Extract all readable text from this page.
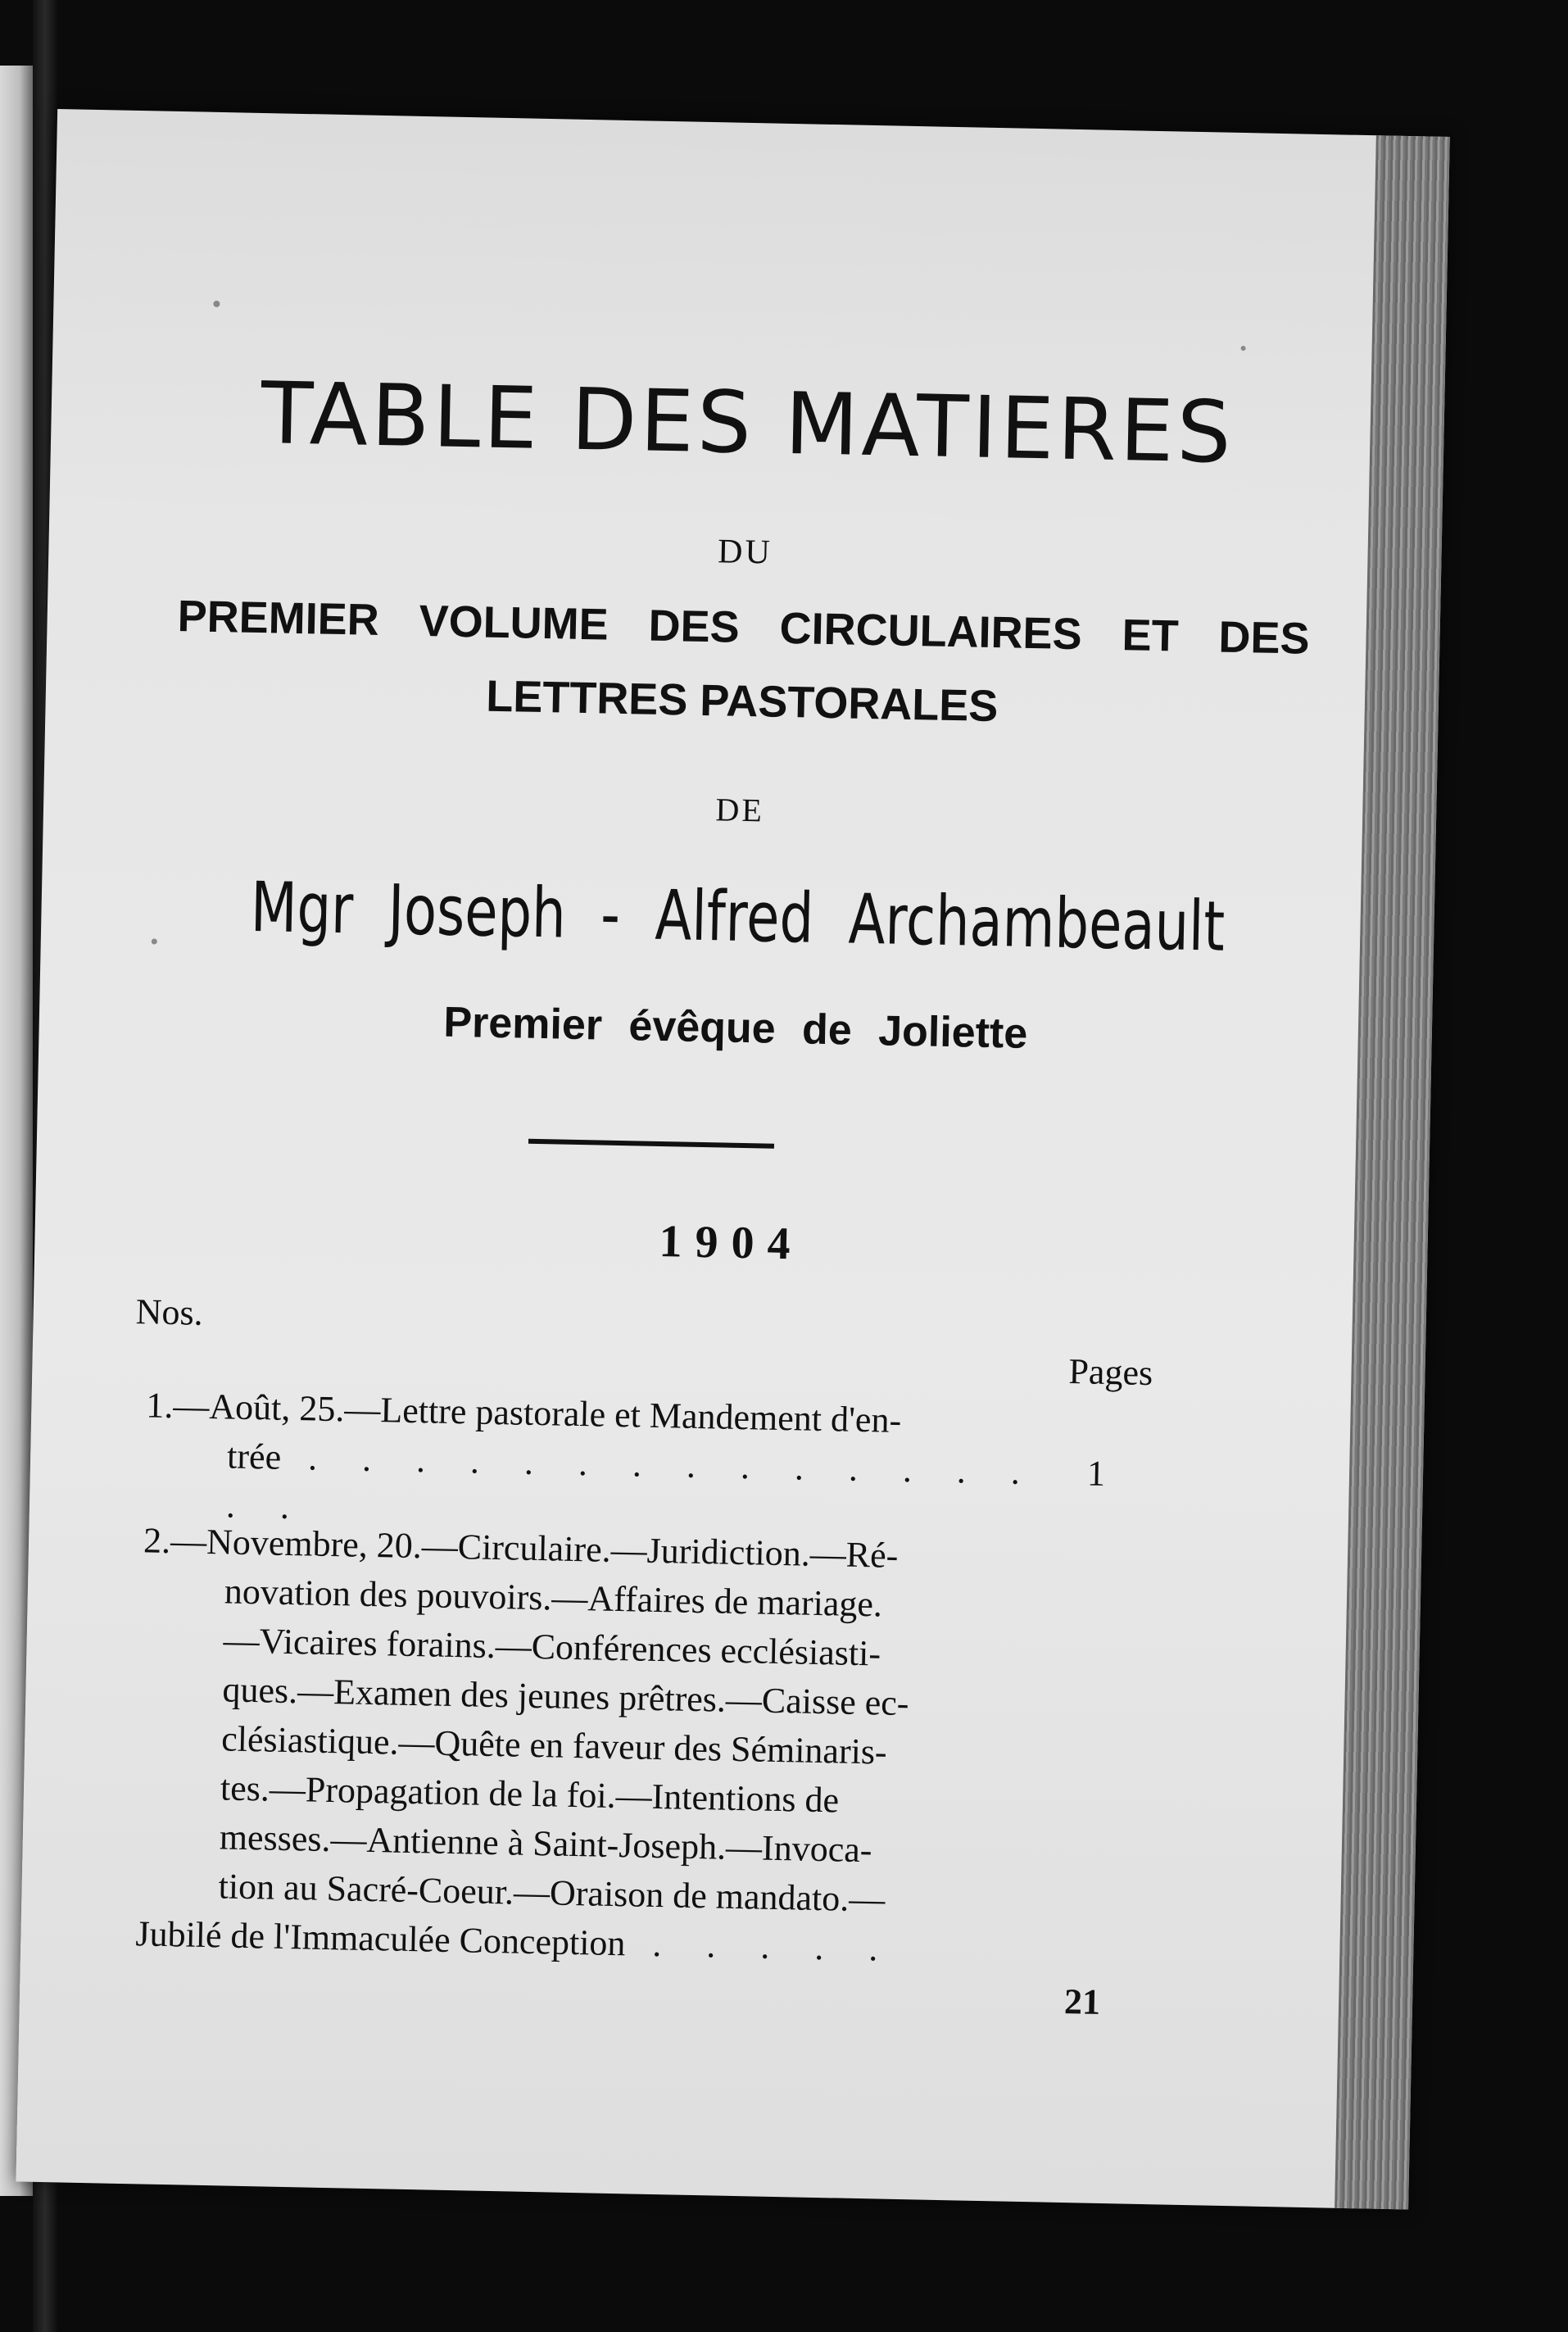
TABLE DES MATIERES
DU
PREMIER VOLUME DES CIRCULAIRES ET DES
LETTRES PASTORALES
DE
Mgr Joseph - Alfred Archambeault
Premier évêque de Joliette
1904
Nos.
Pages
1.—Août, 25.—Lettre pastorale et Mandement d'en-
trée . . . . . . . . . . . . . . . .
1
2.—Novembre, 20.—Circulaire.—Juridiction.—Ré-
novation des pouvoirs.—Affaires de mariage.
—Vicaires forains.—Conférences ecclésiasti-
ques.—Examen des jeunes prêtres.—Caisse ec-
clésiastique.—Quête en faveur des Séminaris-
tes.—Propagation de la foi.—Intentions de
messes.—Antienne à Saint-Joseph.—Invoca-
tion au Sacré-Coeur.—Oraison de mandato.—
Jubilé de l'Immaculée Conception . . . . .
21
